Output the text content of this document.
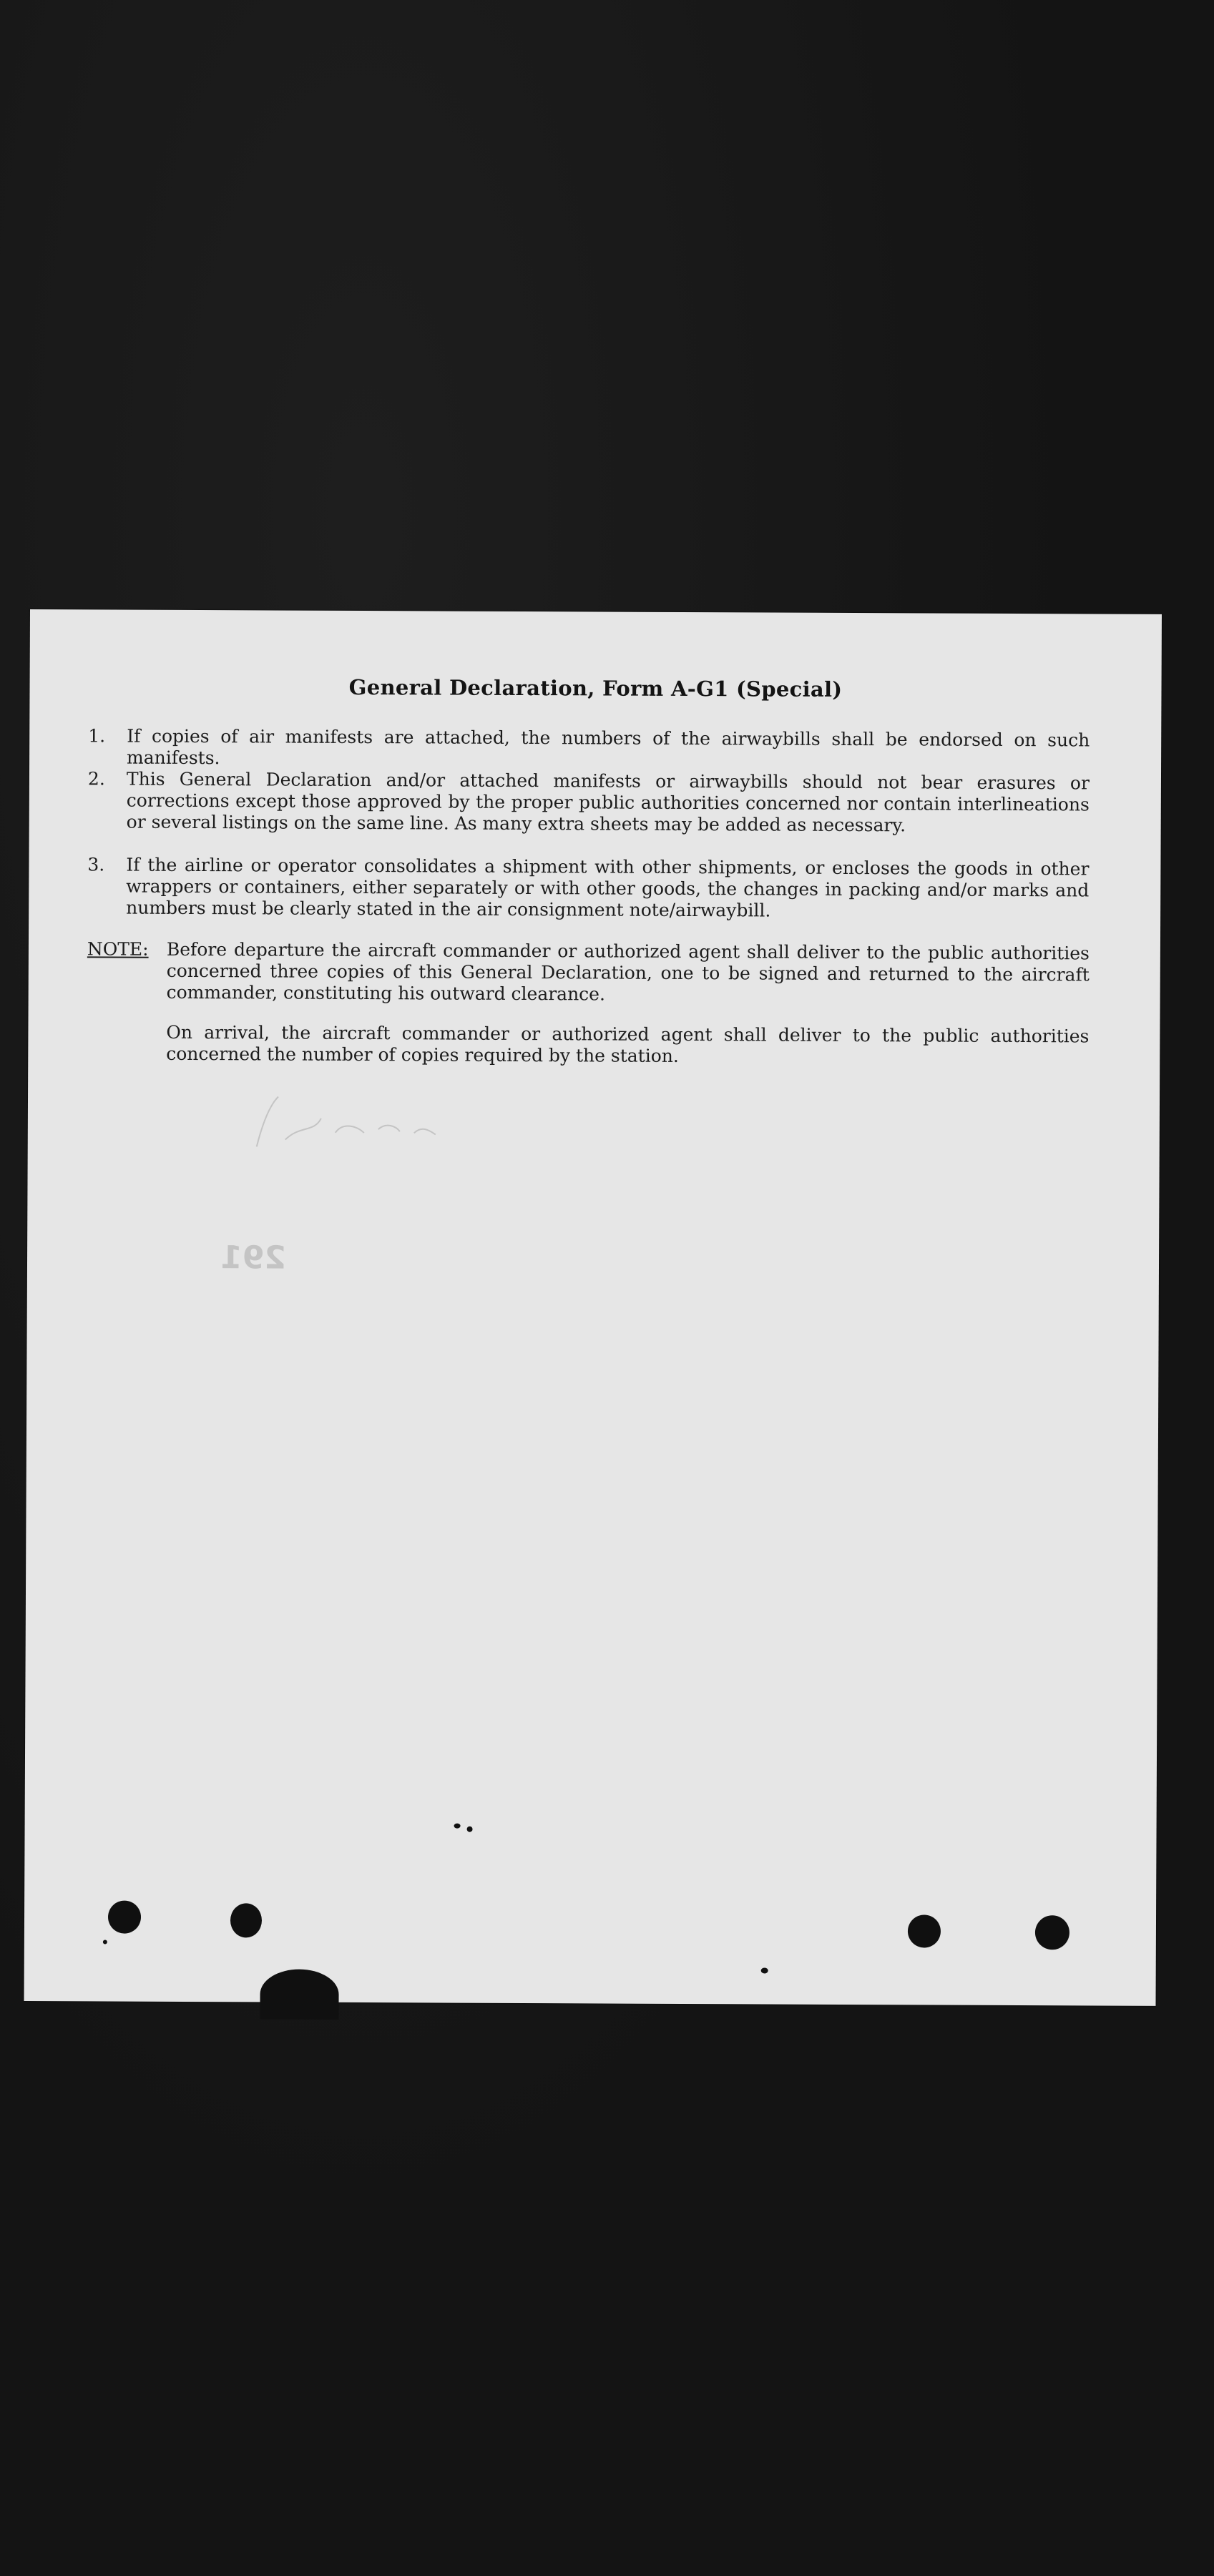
General Declaration, Form A-G1 (Special)
1.	If copies of air manifests are attached, the numbers of the airwaybills shall be endorsed on such manifests.
2.	This General Declaration and/or attached manifests or airwaybills should not bear erasures or corrections except those approved by the proper public authorities concerned nor contain interlineations or several listings on the same line. As many extra sheets may be added as necessary.
3.	If the airline or operator consolidates a shipment with other shipments, or encloses the goods in other wrappers or containers, either separately or with other goods, the changes in packing and/or marks and numbers must be clearly stated in the air consignment note/airwaybill.
NOTE: Before departure the aircraft commander or authorized agent shall deliver to the public authorities concerned three copies of this General Declaration, one to be signed and returned to the aircraft commander, constituting his outward clearance.
On arrival, the aircraft commander or authorized agent shall deliver to the public authorities concerned the number of copies required by the station.
291
